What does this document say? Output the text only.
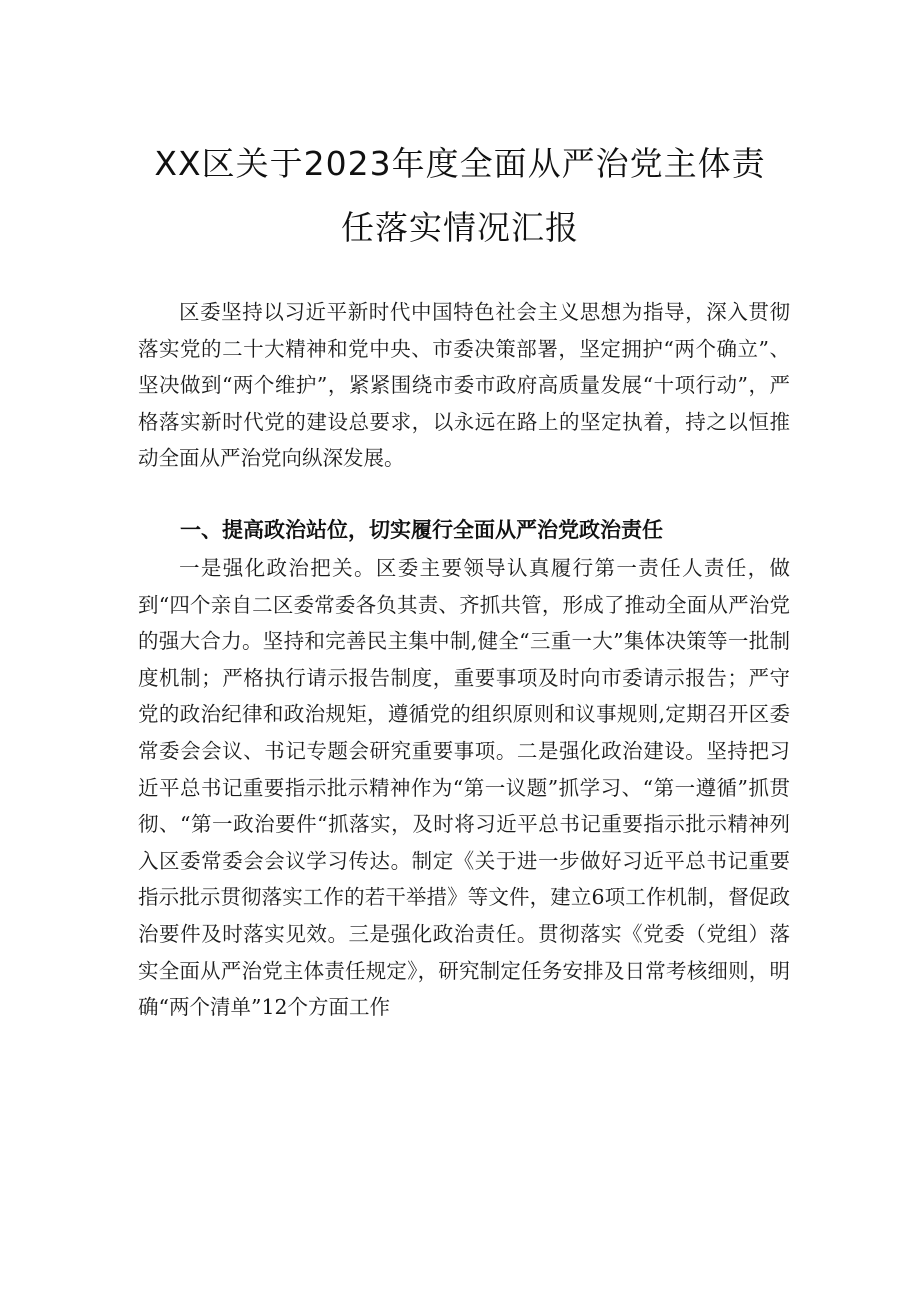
XX区关于2023年度全面从严治党主体责
任落实情况汇报

区委坚持以习近平新时代中国特色社会主义思想为指导，深入贯彻落实党的二十大精神和党中央、市委决策部署，坚定拥护“两个确立”、坚决做到“两个维护”，紧紧围绕市委市政府高质量发展“十项行动”，严格落实新时代党的建设总要求，以永远在路上的坚定执着，持之以恒推动全面从严治党向纵深发展。

一、提高政治站位，切实履行全面从严治党政治责任

一是强化政治把关。区委主要领导认真履行第一责任人责任，做到“四个亲自二区委常委各负其责、齐抓共管，形成了推动全面从严治党的强大合力。坚持和完善民主集中制,健全“三重一大”集体决策等一批制度机制；严格执行请示报告制度，重要事项及时向市委请示报告；严守党的政治纪律和政治规矩，遵循党的组织原则和议事规则,定期召开区委常委会会议、书记专题会研究重要事项。二是强化政治建设。坚持把习近平总书记重要指示批示精神作为“第一议题”抓学习、“第一遵循”抓贯彻、“第一政治要件“抓落实，及时将习近平总书记重要指示批示精神列入区委常委会会议学习传达。制定《关于进一步做好习近平总书记重要指示批示贯彻落实工作的若干举措》等文件，建立6项工作机制，督促政治要件及时落实见效。三是强化政治责任。贯彻落实《党委（党组）落实全面从严治党主体责任规定》，研究制定任务安排及日常考核细则，明确“两个清单”12个方面工作
